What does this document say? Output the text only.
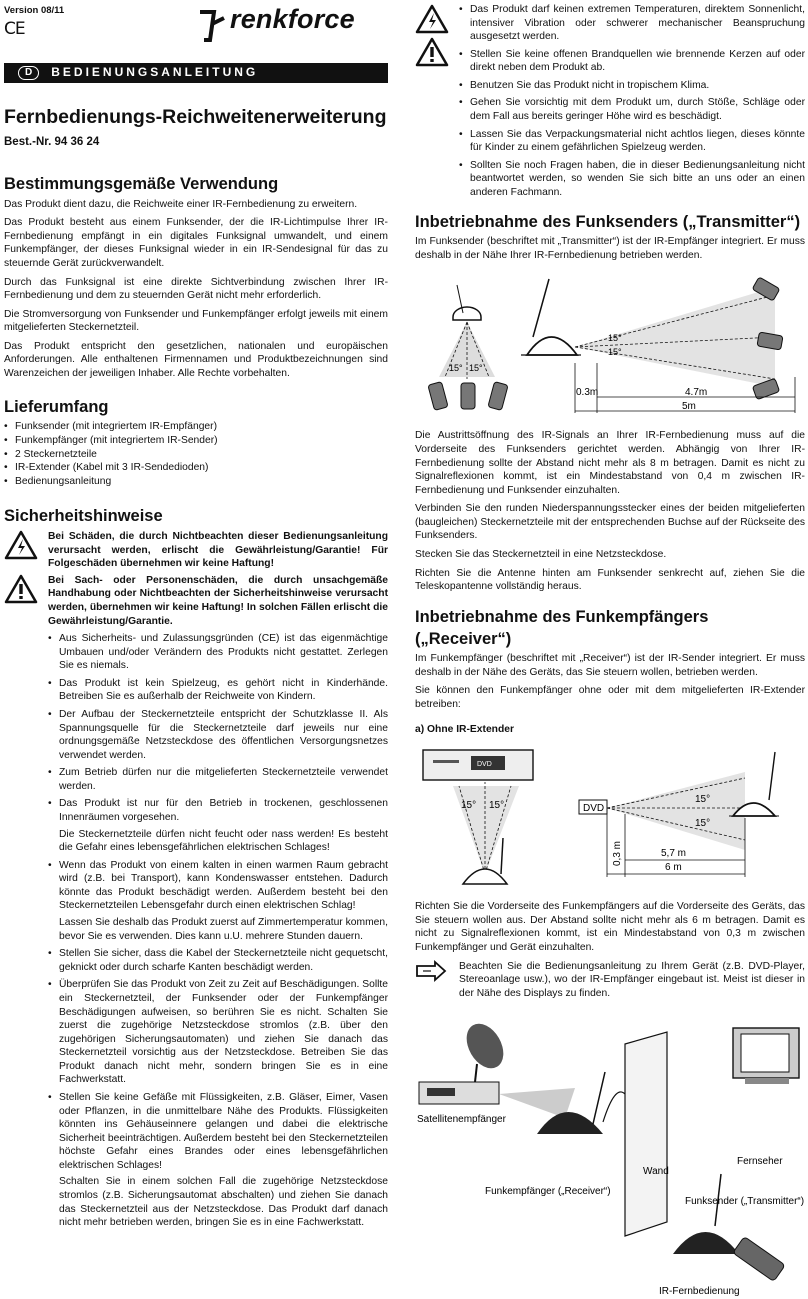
Version 08/11
CE	renkforce
D	BEDIENUNGSANLEITUNG
Fernbedienungs-Reichweitenerweiterung
Best.-Nr. 94 36 24
Bestimmungsgemäße Verwendung

Das Produkt dient dazu, die Reichweite einer IR-Fernbedienung zu erweitern.

Das Produkt besteht aus einem Funksender, der die IR-Lichtimpulse Ihrer IR-Fernbedienung empfängt in ein digitales Funksignal umwandelt, und einem Funkempfänger, der dieses Funksignal wieder in ein IR-Sendesignal für das zu steuernde Gerät zurückverwandelt.

Durch das Funksignal ist eine direkte Sichtverbindung zwischen Ihrer IR-Fernbedienung und dem zu steuernden Gerät nicht mehr erforderlich.

Die Stromversorgung von Funksender und Funkempfänger erfolgt jeweils mit einem mitgelieferten Steckernetzteil.

Das Produkt entspricht den gesetzlichen, nationalen und europäischen Anforderungen. Alle enthaltenen Firmennamen und Produktbezeichnungen sind Warenzeichen der jeweiligen Inhaber. Alle Rechte vorbehalten.

Lieferumfang
• Funksender (mit integriertem IR-Empfänger)
• Funkempfänger (mit integriertem IR-Sender)
• 2 Steckernetzteile
• IR-Extender (Kabel mit 3 IR-Sendedioden)
• Bedienungsanleitung
Sicherheitshinweise
Bei Schäden, die durch Nichtbeachten dieser Bedienungsanleitung verursacht werden, erlischt die Gewährleistung/Garantie! Für Folgeschäden übernehmen wir keine Haftung!
Bei Sach- oder Personenschäden, die durch unsachgemäße Handhabung oder Nichtbeachten der Sicherheitshinweise verursacht werden, übernehmen wir keine Haftung! In solchen Fällen erlischt die Gewährleistung/Garantie.
• Aus Sicherheits- und Zulassungsgründen (CE) ist das eigenmächtige Umbauen und/oder Verändern des Produkts nicht gestattet. Zerlegen Sie es niemals.
• Das Produkt ist kein Spielzeug, es gehört nicht in Kinderhände. Betreiben Sie es außerhalb der Reichweite von Kindern.
• Der Aufbau der Steckernetzteile entspricht der Schutzklasse II. Als Spannungsquelle für die Steckernetzteile darf jeweils nur eine ordnungsgemäße Netzsteckdose des öffentlichen Versorgungsnetzes verwendet werden.
• Zum Betrieb dürfen nur die mitgelieferten Steckernetzteile verwendet werden.
• Das Produkt ist nur für den Betrieb in trockenen, geschlossenen Innenräumen vorgesehen.

Die Steckernetzteile dürfen nicht feucht oder nass werden! Es besteht die Gefahr eines lebensgefährlichen elektrischen Schlages!

• Wenn das Produkt von einem kalten in einen warmen Raum gebracht wird (z.B. bei Transport), kann Kondenswasser entstehen. Dadurch könnte das Produkt beschädigt werden. Außerdem besteht bei den Steckernetzteilen Lebensgefahr durch einen elektrischen Schlag!

Lassen Sie deshalb das Produkt zuerst auf Zimmertemperatur kommen, bevor Sie es verwenden. Dies kann u.U. mehrere Stunden dauern.

• Stellen Sie sicher, dass die Kabel der Steckernetzteile nicht gequetscht, geknickt oder durch scharfe Kanten beschädigt werden.
• Überprüfen Sie das Produkt von Zeit zu Zeit auf Beschädigungen. Sollte ein Steckernetzteil, der Funksender oder der Funkempfänger Beschädigungen aufweisen, so berühren Sie es nicht. Schalten Sie zuerst die zugehörige Netzsteckdose stromlos (z.B. über den zugehörigen Sicherungsautomaten) und ziehen Sie danach das Steckernetzteil vorsichtig aus der Netzsteckdose. Betreiben Sie das Produkt danach nicht mehr, sondern bringen Sie es in eine Fachwerkstatt.
• Stellen Sie keine Gefäße mit Flüssigkeiten, z.B. Gläser, Eimer, Vasen oder Pflanzen, in die unmittelbare Nähe des Produkts. Flüssigkeiten könnten ins Gehäuseinnere gelangen und dabei die elektrische Sicherheit beeinträchtigen. Außerdem besteht bei den Steckernetzteilen höchste Gefahr eines Brandes oder eines lebensgefährlichen elektrischen Schlages!

Schalten Sie in einem solchen Fall die zugehörige Netzsteckdose stromlos (z.B. Sicherungsautomat abschalten) und ziehen Sie danach das Steckernetzteil aus der Netzsteckdose. Das Produkt darf danach nicht mehr betrieben werden, bringen Sie es in eine Fachwerkstatt.

• Das Produkt darf keinen extremen Temperaturen, direktem Sonnenlicht, intensiver Vibration oder schwerer mechanischer Beanspruchung ausgesetzt werden.
• Stellen Sie keine offenen Brandquellen wie brennende Kerzen auf oder direkt neben dem Produkt ab.
• Benutzen Sie das Produkt nicht in tropischem Klima.
• Gehen Sie vorsichtig mit dem Produkt um, durch Stöße, Schläge oder dem Fall aus bereits geringer Höhe wird es beschädigt.
• Lassen Sie das Verpackungsmaterial nicht achtlos liegen, dieses könnte für Kinder zu einem gefährlichen Spielzeug werden.
• Sollten Sie noch Fragen haben, die in dieser Bedienungsanleitung nicht beantwortet werden, so wenden Sie sich bitte an uns oder an einen anderen Fachmann.
Inbetriebnahme des Funksenders („Transmitter“)

Im Funksender (beschriftet mit „Transmitter“) ist der IR-Empfänger integriert. Er muss deshalb in der Nähe Ihrer IR-Fernbedienung betrieben werden.

15° 15°
15°
15°
0.3m	4.7m
5m

Die Austrittsöffnung des IR-Signals an Ihrer IR-Fernbedienung muss auf die Vorderseite des Funksenders gerichtet werden. Abhängig von Ihrer IR-Fernbedienung sollte der Abstand nicht mehr als 8 m betragen. Damit es nicht zu Signalreflexionen kommt, ist ein Mindestabstand von 0,4 m zwischen IR-Fernbedienung und Funksender einzuhalten.

Verbinden Sie den runden Niederspannungsstecker eines der beiden mitgelieferten (baugleichen) Steckernetzteile mit der entsprechenden Buchse auf der Rückseite des Funksenders.

Stecken Sie das Steckernetzteil in eine Netzsteckdose.

Richten Sie die Antenne hinten am Funksender senkrecht auf, ziehen Sie die Teleskopantenne vollständig heraus.

Inbetriebnahme des Funkempfängers („Receiver“)

Im Funkempfänger (beschriftet mit „Receiver“) ist der IR-Sender integriert. Er muss deshalb in der Nähe des Geräts, das Sie steuern wollen, betrieben werden.

Sie können den Funkempfänger ohne oder mit dem mitgelieferten IR-Extender betreiben:

a) Ohne IR-Extender
DVD
15° 15°	DVD
15°
15°
0,3 m	5,7 m
6 m

Richten Sie die Vorderseite des Funkempfängers auf die Vorderseite des Geräts, das Sie steuern wollen aus. Der Abstand sollte nicht mehr als 6 m betragen. Damit es nicht zu Signalreflexionen kommt, ist ein Mindestabstand von 0,3 m zwischen Funkempfänger und Gerät einzuhalten.

Beachten Sie die Bedienungsanleitung zu Ihrem Gerät (z.B. DVD-Player, Stereoanlage usw.), wo der IR-Empfänger eingebaut ist. Meist ist dieser in der Nähe des Displays zu finden.
Satellitenempfänger
Wand
Fernseher
Funkempfänger („Receiver“)
Funksender („Transmitter“)
IR-Fernbedienung
